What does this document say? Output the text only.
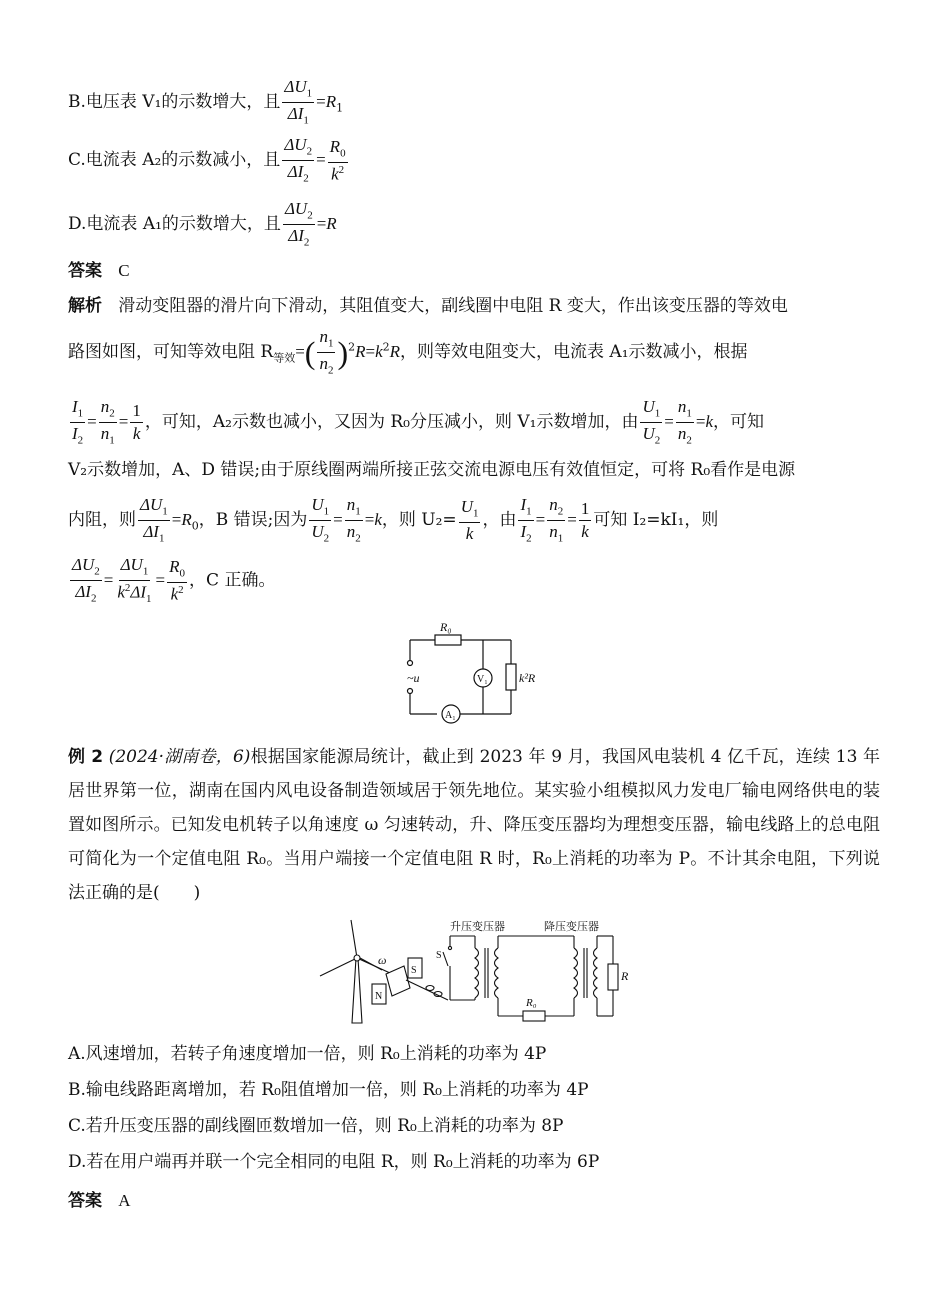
B.电压表 V₁的示数增大，且 $\frac{\Delta U_1}{\Delta I_1} =R_1$
C.电流表 A₂的示数减小，且 $\frac{\Delta U_2}{\Delta I_2} = \frac{R_0}{k^2}$
D.电流表 A₁的示数增大，且 $\frac{\Delta U_2}{\Delta I_2} =R$
答案 C
解析 滑动变阻器的滑片向下滑动，其阻值变大，副线圈中电阻 R 变大，作出该变压器的等效电
路图如图，可知等效电阻 $R_{等效}=( \frac{n_1}{n_2} )^2R=k^2R$，则等效电阻变大，电流表 A₁示数减小，根据
$\frac{I_1}{I_2} = \frac{n_2}{n_1} = \frac{1}{k}$ ，可知，A₂示数也减小，又因为 R₀分压减小，则 V₁示数增加，由 $\frac{U_1}{U_2} = \frac{n_1}{n_2} =k$，可知
V₂示数增加，A、D 错误;由于原线圈两端所接正弦交流电源电压有效值恒定，可将 R₀看作是电源
内阻，则 $\frac{\Delta U_1}{\Delta I_1} =R_0$，B 错误;因为 $\frac{U_1}{U_2} = \frac{n_1}{n_2} =k$，则 $U_2= \frac{U_1}{k}$ ，由 $\frac{I_1}{I_2} = \frac{n_2}{n_1} = \frac{1}{k}$ 可知 I₂=kI₁，则
$\frac{\Delta U_2}{\Delta I_2} = \frac{\Delta U_1}{k^2\Delta I_1} = \frac{R_0}{k^2}$ ，C 正确。
R₀
~u	V₁
A₁
k²R
例 2 (2024·湖南卷，6)根据国家能源局统计，截止到 2023 年 9 月，我国风电装机 4 亿千瓦，连续 13 年居世界第一位，湖南在国内风电设备制造领域居于领先地位。某实验小组模拟风力发电厂输电网络供电的装置如图所示。已知发电机转子以角速度 ω 匀速转动，升、降压变压器均为理想变压器，输电线路上的总电阻可简化为一个定值电阻 R₀。当用户端接一个定值电阻 R 时，R₀上消耗的功率为 P。不计其余电阻，下列说法正确的是(　　)
升压变压器	降压变压器
ω
S
N
S
R₀
R
A.风速增加，若转子角速度增加一倍，则 R₀上消耗的功率为 4P
B.输电线路距离增加，若 R₀阻值增加一倍，则 R₀上消耗的功率为 4P
C.若升压变压器的副线圈匝数增加一倍，则 R₀上消耗的功率为 8P
D.若在用户端再并联一个完全相同的电阻 R，则 R₀上消耗的功率为 6P
答案 A
